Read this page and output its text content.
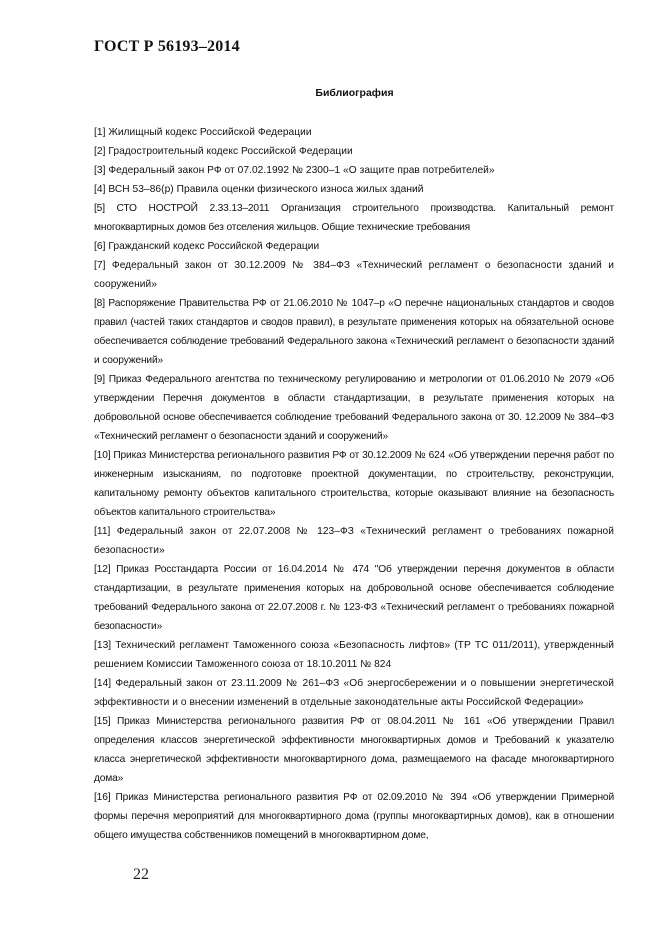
ГОСТ Р 56193–2014
Библиография

[1] Жилищный кодекс Российской Федерации

[2] Градостроительный кодекс Российской Федерации

[3] Федеральный закон РФ от 07.02.1992 № 2300–1 «О защите прав потребителей»

[4] ВСН 53–86(р) Правила оценки физического износа жилых зданий

[5] СТО НОСТРОЙ 2.33.13–2011 Организация строительного производства. Капитальный ремонт многоквартирных домов без отселения жильцов. Общие технические требования

[6] Гражданский кодекс Российской Федерации

[7] Федеральный закон от 30.12.2009 № 384–ФЗ «Технический регламент о безопасности зданий и сооружений»

[8] Распоряжение Правительства РФ от 21.06.2010 № 1047–р «О перечне национальных стандартов и сводов правил (частей таких стандартов и сводов правил), в результате применения которых на обязательной основе обеспечивается соблюдение требований Федерального закона «Технический регламент о безопасности зданий и сооружений»

[9] Приказ Федерального агентства по техническому регулированию и метрологии от 01.06.2010 № 2079 «Об утверждении Перечня документов в области стандартизации, в результате применения которых на добровольной основе обеспечивается соблюдение требований Федерального закона от 30. 12.2009 № 384–ФЗ «Технический регламент о безопасности зданий и сооружений»

[10] Приказ Министерства регионального развития РФ от 30.12.2009 № 624 «Об утверждении перечня работ по инженерным изысканиям, по подготовке проектной документации, по строительству, реконструкции, капитальному ремонту объектов капитального строительства, которые оказывают влияние на безопасность объектов капитального строительства»

[11] Федеральный закон от 22.07.2008 № 123–ФЗ «Технический регламент о требованиях пожарной безопасности»

[12] Приказ Росстандарта России от 16.04.2014 № 474 "Об утверждении перечня документов в области стандартизации, в результате применения которых на добровольной основе обеспечивается соблюдение требований Федерального закона от 22.07.2008 г. № 123-ФЗ «Технический регламент о требованиях пожарной безопасности»

[13] Технический регламент Таможенного союза «Безопасность лифтов» (ТР ТС 011/2011), утвержденный решением Комиссии Таможенного союза от 18.10.2011 № 824

[14] Федеральный закон от 23.11.2009 № 261–ФЗ «Об энергосбережении и о повышении энергетической эффективности и о внесении изменений в отдельные законодательные акты Российской Федерации»

[15] Приказ Министерства регионального развития РФ от 08.04.2011 № 161 «Об утверждении Правил определения классов энергетической эффективности многоквартирных домов и Требований к указателю класса энергетической эффективности многоквартирного дома, размещаемого на фасаде многоквартирного дома»

[16] Приказ Министерства регионального развития РФ от 02.09.2010 № 394 «Об утверждении Примерной формы перечня мероприятий для многоквартирного дома (группы многоквартирных домов), как в отношении общего имущества собственников помещений в многоквартирном доме,

22
